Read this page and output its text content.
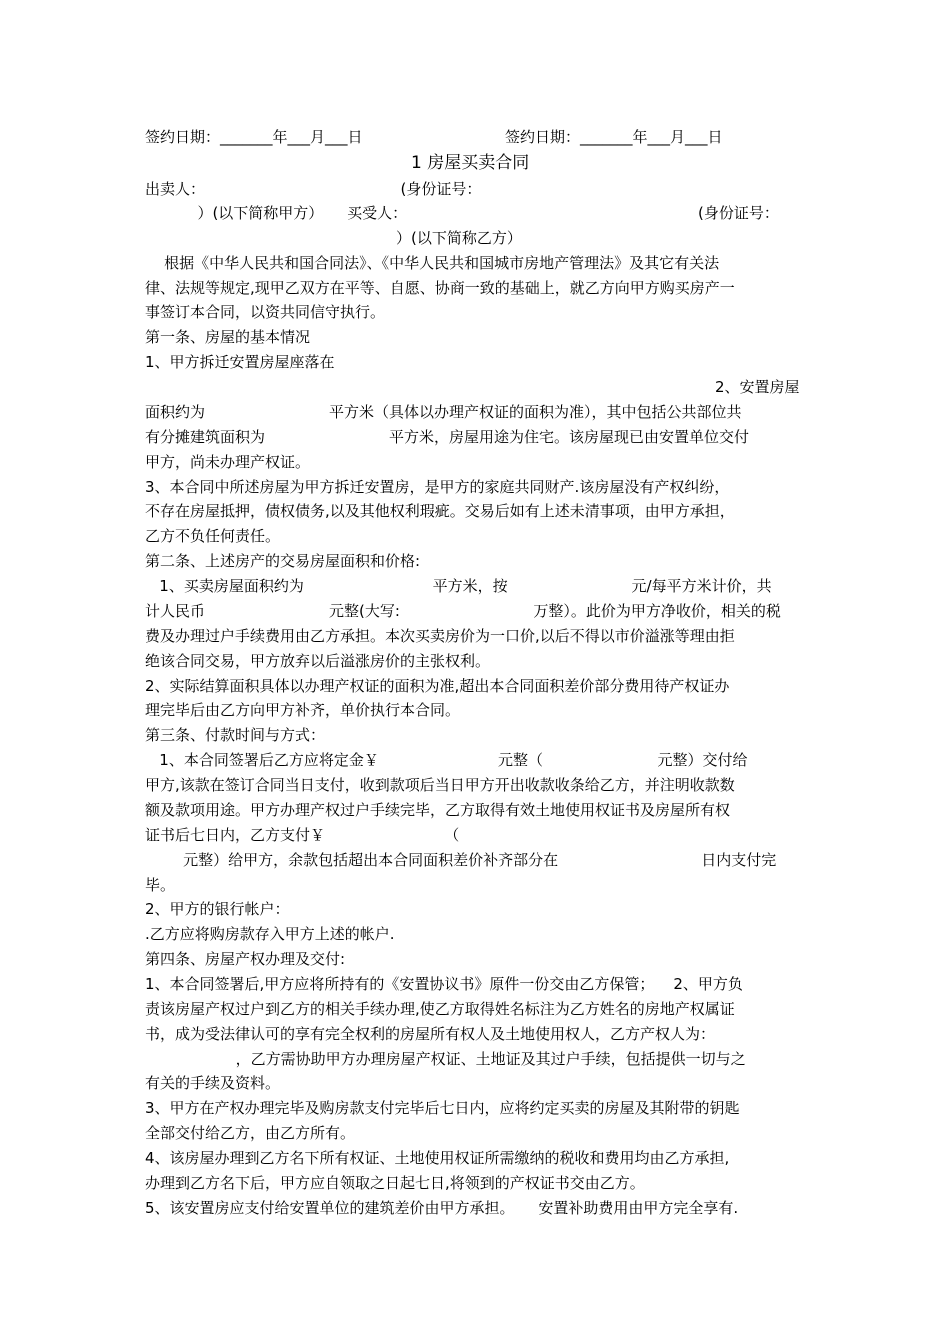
签约日期：_______年___月___日	签约日期：_______年___月___日
1 房屋买卖合同
出卖人：                                         (身份证号：
）(以下简称甲方）     买受人：                                                             (身份证号：
）(以下简称乙方）
根据《中华人民共和国合同法》、《中华人民共和国城市房地产管理法》及其它有关法
律、法规等规定,现甲乙双方在平等、自愿、协商一致的基础上，就乙方向甲方购买房产一
事签订本合同，以资共同信守执行。
第一条、房屋的基本情况
1、甲方拆迁安置房屋座落在
2、安置房屋
面积约为                          平方米（具体以办理产权证的面积为准），其中包括公共部位共
有分摊建筑面积为                          平方米，房屋用途为住宅。该房屋现已由安置单位交付
甲方，尚未办理产权证。
3、本合同中所述房屋为甲方拆迁安置房，是甲方的家庭共同财产.该房屋没有产权纠纷，
不存在房屋抵押，债权债务,以及其他权利瑕疵。交易后如有上述未清事项，由甲方承担，
乙方不负任何责任。
第二条、上述房产的交易房屋面积和价格:
1、买卖房屋面积约为                           平方米，按                          元/每平方米计价，共
计人民币                          元整(大写:                            万整）。此价为甲方净收价，相关的税
费及办理过户手续费用由乙方承担。本次买卖房价为一口价,以后不得以市价溢涨等理由拒
绝该合同交易，甲方放弃以后溢涨房价的主张权利。
2、实际结算面积具体以办理产权证的面积为准,超出本合同面积差价部分费用待产权证办
理完毕后由乙方向甲方补齐，单价执行本合同。
第三条、付款时间与方式：
1、本合同签署后乙方应将定金￥                         元整（                        元整）交付给
甲方,该款在签订合同当日支付，收到款项后当日甲方开出收款收条给乙方，并注明收款数
额及款项用途。甲方办理产权过户手续完毕，乙方取得有效土地使用权证书及房屋所有权
证书后七日内，乙方支付￥                         （
元整）给甲方，余款包括超出本合同面积差价补齐部分在                              日内支付完
毕。
2、甲方的银行帐户：
.乙方应将购房款存入甲方上述的帐户.
第四条、房屋产权办理及交付:
1、本合同签署后,甲方应将所持有的《安置协议书》原件一份交由乙方保管；    2、甲方负
责该房屋产权过户到乙方的相关手续办理,使乙方取得姓名标注为乙方姓名的房地产权属证
书，成为受法律认可的享有完全权利的房屋所有权人及土地使用权人，乙方产权人为：
，乙方需协助甲方办理房屋产权证、土地证及其过户手续，包括提供一切与之
有关的手续及资料。
3、甲方在产权办理完毕及购房款支付完毕后七日内，应将约定买卖的房屋及其附带的钥匙
全部交付给乙方，由乙方所有。
4、该房屋办理到乙方名下所有权证、土地使用权证所需缴纳的税收和费用均由乙方承担,
办理到乙方名下后，甲方应自领取之日起七日,将领到的产权证书交由乙方。
5、该安置房应支付给安置单位的建筑差价由甲方承担。     安置补助费用由甲方完全享有.
